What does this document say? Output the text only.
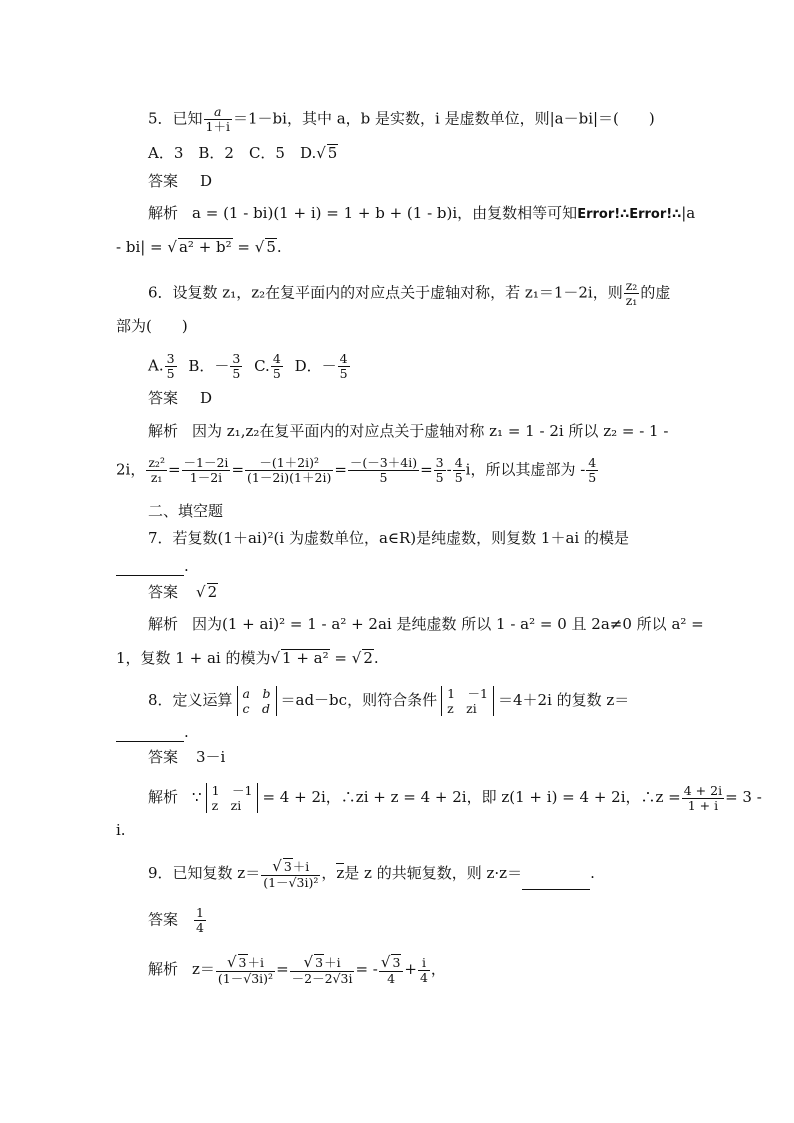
5．已知 $\frac{a}{1+i} =1-bi$，其中 a，b 是实数，i 是虚数单位，则|a－bi|＝(　　)
A．3　B．2　C．5　D.√ 5
答案 D
解析 a = (1 - bi)(1 + i) = 1 + b + (1 - b)i，由复数相等可知Error!∴Error!∴|a
- bi| = √ a² + b² = √ 5.
6．设复数 z₁，z₂在复平面内的对应点关于虚轴对称，若 z₁＝1－2i，则 $\frac{\text{z₂}}{\text{z₁}}$ 的虚
部为(　　)
A. $\frac{3}{5}$ B．－ $\frac{3}{5} C$. $\frac{4}{5}$ D．－ $\frac{4}{5}$
答案 D
解析 因为 z₁,z₂在复平面内的对应点关于虚轴对称 z₁ = 1 - 2i 所以 z₂ = - 1 -
2i， $\frac{\text{z₂²}}{\text{z₁}} = \frac{-1-2i}{1-2i} = \frac{\text{－(1＋2i)²}}{(1-2i)(1+2i)} = \frac{-(-3+4i)}{5} = \frac{3}{5} - \frac{4}{5}$ i，所以其虚部为 - $\frac{4}{5}$
二、填空题
7．若复数(1＋ai)²(i 为虚数单位，a∈R)是纯虚数，则复数 1＋ai 的模是
.
答案 √ 2
解析 因为(1 + ai)² = 1 - a² + 2ai 是纯虚数 所以 1 - a² = 0 且 2a≠0 所以 a² =
1，复数 1 + ai 的模为√ 1 + a² = √ 2.
8．定义运算 a　b
c　d ＝ad－bc，则符合条件 1　－1
z　zi	＝4＋2i 的复数 z＝
.
答案 3－i
解析 ∵ 1　－1
z　zi	= 4 + 2i，∴zi + z = 4 + 2i，即 z(1 + i) = 4 + 2i，∴z = $\frac{4 + 2i}{1 + i} = 3$ -
i.
9．已知复数 $z= \frac{√ 3+i}{\text{(1－√3i)²}}$ ，z是 z 的共轭复数，则 z·z＝	.
答案 $\frac{1}{4}$
解析 $z= \frac{√ 3+i}{\text{(1－√3i)²}} = \frac{√ 3+i}{-2-2√3i}$ = - $\frac{√ 3}{4} + \frac{i}{4}$ ，
